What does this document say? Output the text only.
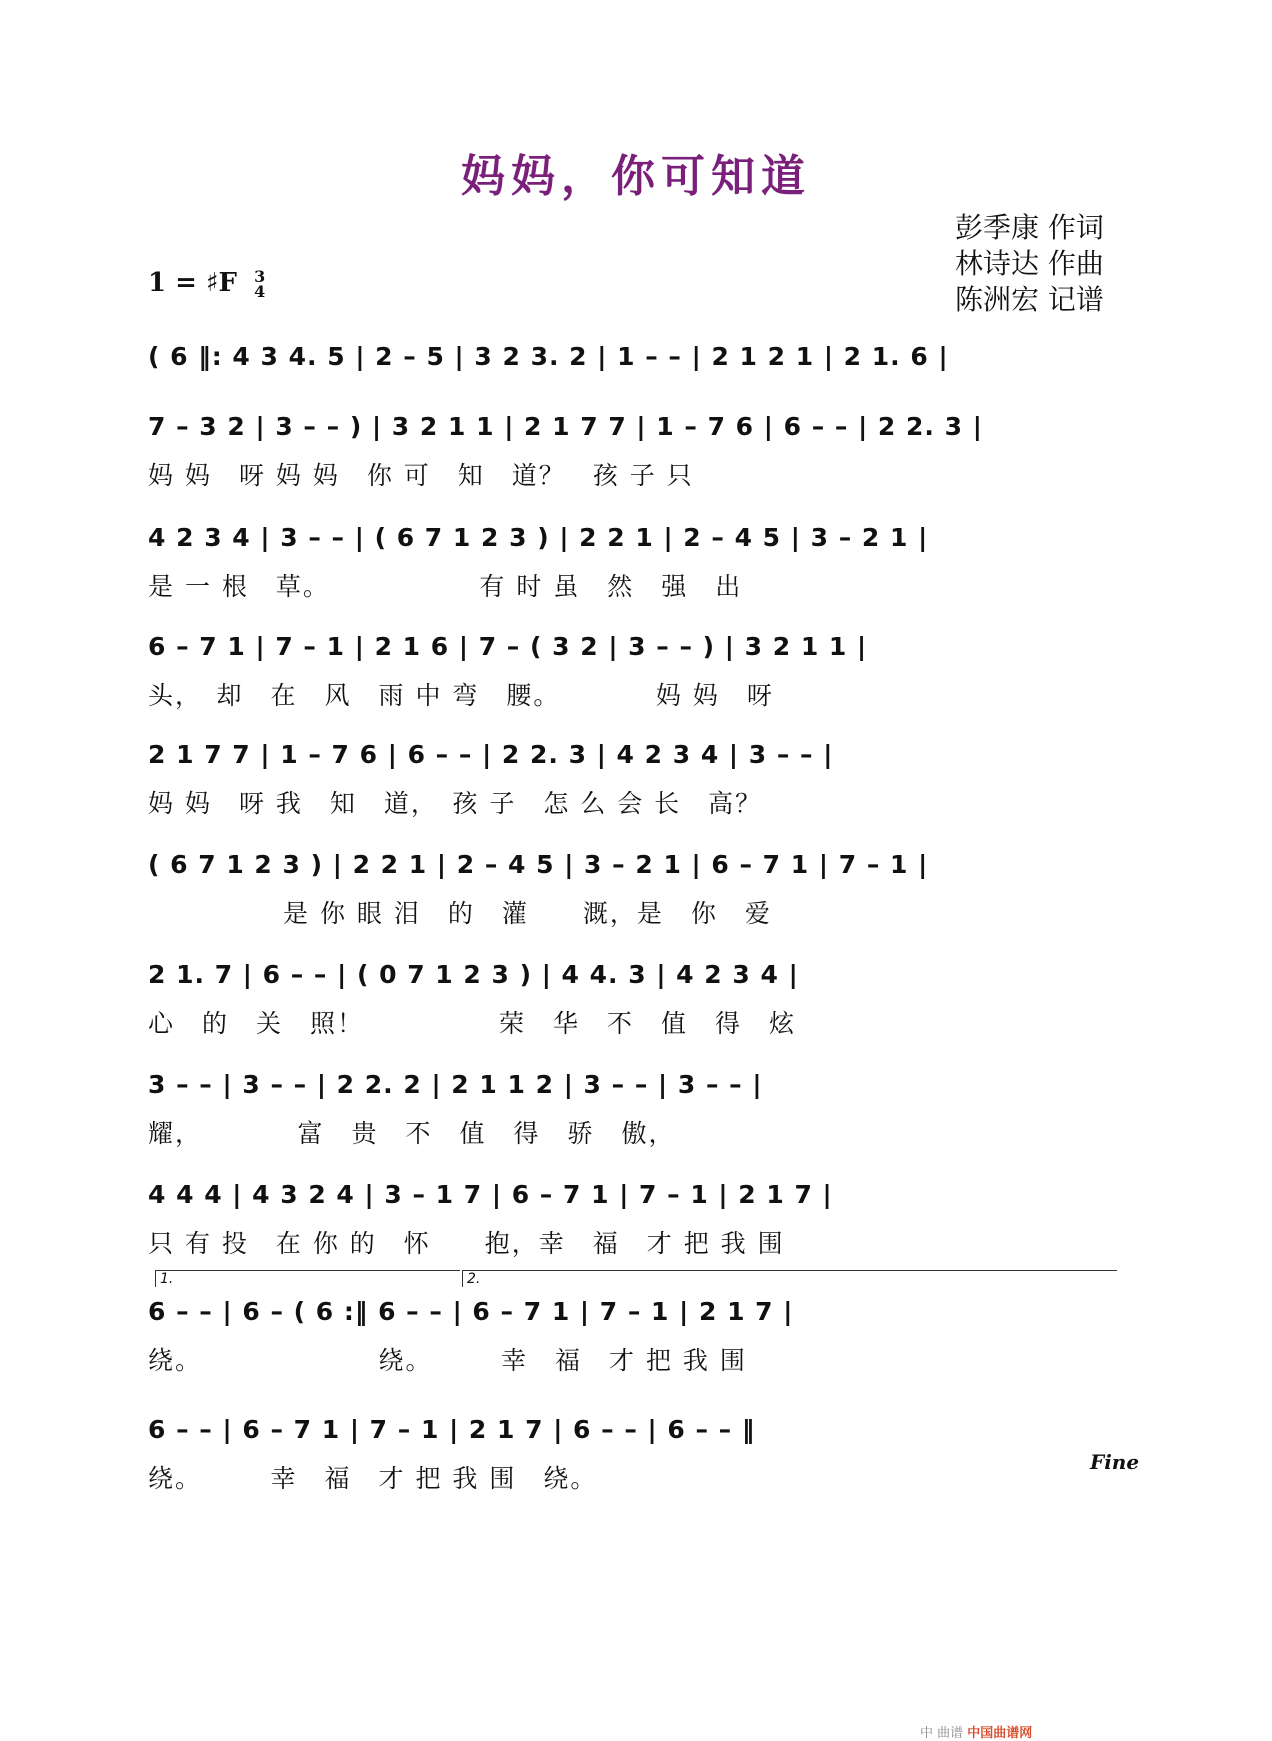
妈妈，你可知道
彭季康 作词
林诗达 作曲
陈洲宏 记谱
1 = ♯F 3
4
( 6 ‖: 4 3 4. 5 | 2 – 5 | 3 2 3. 2 | 1 – – | 2 1 2 1 | 2 1. 6 |
7 – 3 2 | 3 – – ) | 3 2 1 1 | 2 1 7 7 | 1 – 7 6 | 6 – – | 2 2. 3 |
妈 妈　呀 妈 妈　你 可　知　道？　孩 子 只
4 2 3 4 | 3 – – | ( 6 7 1 2 3 ) | 2 2 1 | 2 – 4 5 | 3 – 2 1 |
是 一 根　草。　　　　　　有 时 虽　然　强　出
6 – 7 1 | 7 – 1 | 2 1 6 | 7 – ( 3 2 | 3 – – ) | 3 2 1 1 |
头，　却　在　风　雨 中 弯　腰。　　　　妈 妈　呀
2 1 7 7 | 1 – 7 6 | 6 – – | 2 2. 3 | 4 2 3 4 | 3 – – |
妈 妈　呀 我　知　道，　孩 子　怎 么 会 长　高？
( 6 7 1 2 3 ) | 2 2 1 | 2 – 4 5 | 3 – 2 1 | 6 – 7 1 | 7 – 1 |
　　　　　是 你 眼 泪　的　灌　　溉，是　你　爱
2 1. 7 | 6 – – | ( 0 7 1 2 3 ) | 4 4. 3 | 4 2 3 4 |
心　的　关　照！　　　　　荣　华　不　值　得　炫
3 – – | 3 – – | 2 2. 2 | 2 1 1 2 | 3 – – | 3 – – |
耀，　　　　富　贵　不　值　得　骄　傲，
4 4 4 | 4 3 2 4 | 3 – 1 7 | 6 – 7 1 | 7 – 1 | 2 1 7 |
只 有 投　在 你 的　怀　　抱，幸　福　才 把 我 围
1.	2.
6 – – | 6 – ( 6 :‖ 6 – – | 6 – 7 1 | 7 – 1 | 2 1 7 |
绕。　　　　　　　绕。　　　幸　福　才 把 我 围
6 – – | 6 – 7 1 | 7 – 1 | 2 1 7 | 6 – – | 6 – – ‖
绕。　　　幸　福　才 把 我 围　绕。
Fine
中 曲谱 中国曲谱网
